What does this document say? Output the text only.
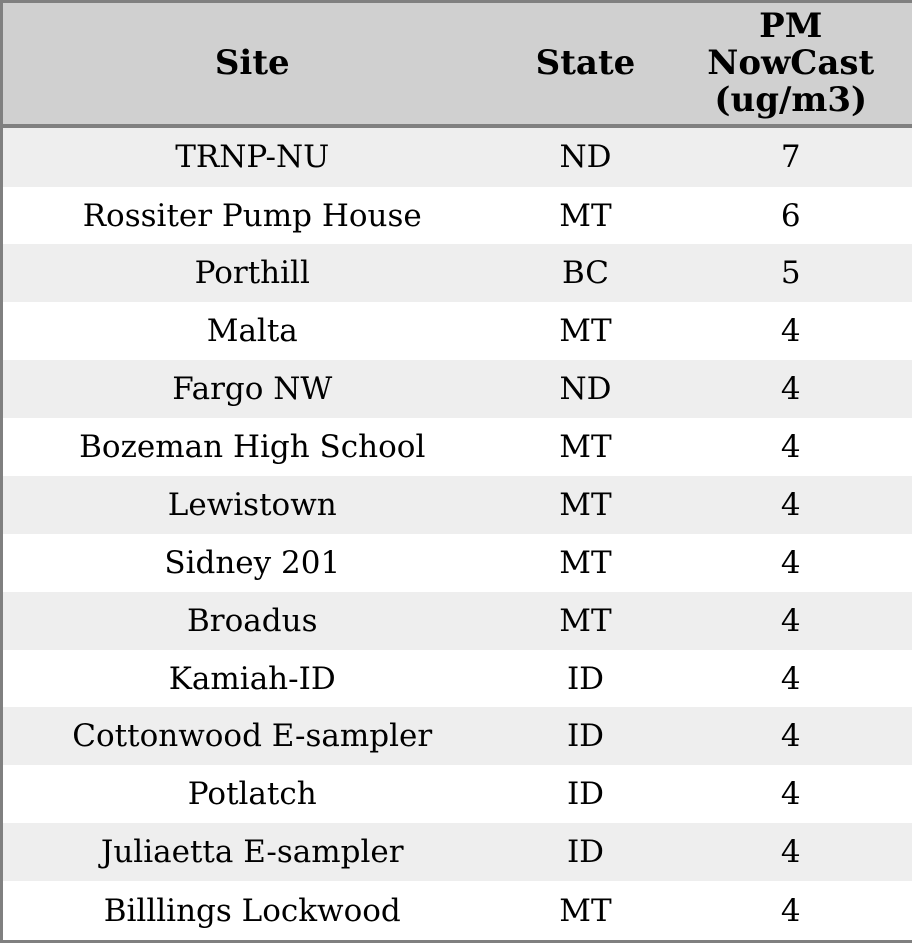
Site	State	PM
NowCast
(ug/m3)

TRNP-NU	ND	7
Rossiter Pump House	MT	6
Porthill	BC	5
Malta	MT	4
Fargo NW	ND	4
Bozeman High School	MT	4
Lewistown	MT	4
Sidney 201	MT	4
Broadus	MT	4
Kamiah-ID	ID	4
Cottonwood E-sampler	ID	4
Potlatch	ID	4
Juliaetta E-sampler	ID	4
Billlings Lockwood	MT	4
